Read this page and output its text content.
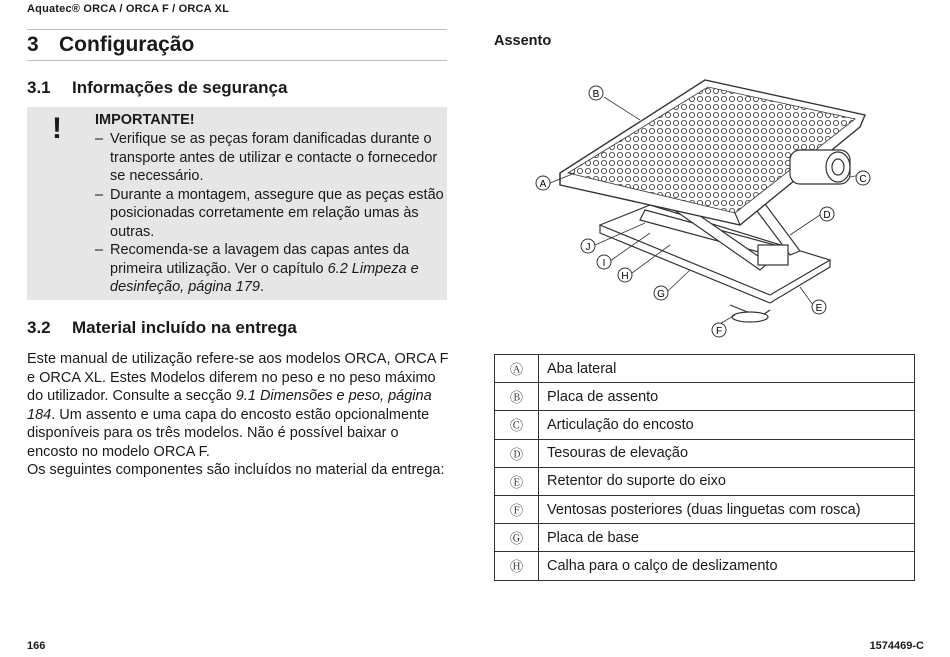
Aquatec® ORCA / ORCA F / ORCA XL
3 Configuração
3.1 Informações de segurança
! IMPORTANTE!
– Verifique se as peças foram danificadas durante o transporte antes de utilizar e contacte o fornecedor se necessário.
– Durante a montagem, assegure que as peças estão posicionadas corretamente em relação umas às outras.
– Recomenda-se a lavagem das capas antes da primeira utilização. Ver o capítulo 6.2 Limpeza e desinfeção, página 179.
3.2 Material incluído na entrega
Este manual de utilização refere-se aos modelos ORCA, ORCA F e ORCA XL. Estes Modelos diferem no peso e no peso máximo do utilizador. Consulte a secção 9.1 Dimensões e peso, página 184. Um assento e uma capa do encosto estão opcionalmente disponíveis para os três modelos. Não é possível baixar o encosto no modelo ORCA F.
Os seguintes componentes são incluídos no material da entrega:
Assento
B
A	C
D
J
I
H
G
E
F
Ⓐ	Aba lateral
Ⓑ	Placa de assento
Ⓒ	Articulação do encosto
Ⓓ	Tesouras de elevação
Ⓔ	Retentor do suporte do eixo
Ⓕ	Ventosas posteriores (duas linguetas com rosca)
Ⓖ	Placa de base
Ⓗ	Calha para o calço de deslizamento
166	1574469-C
